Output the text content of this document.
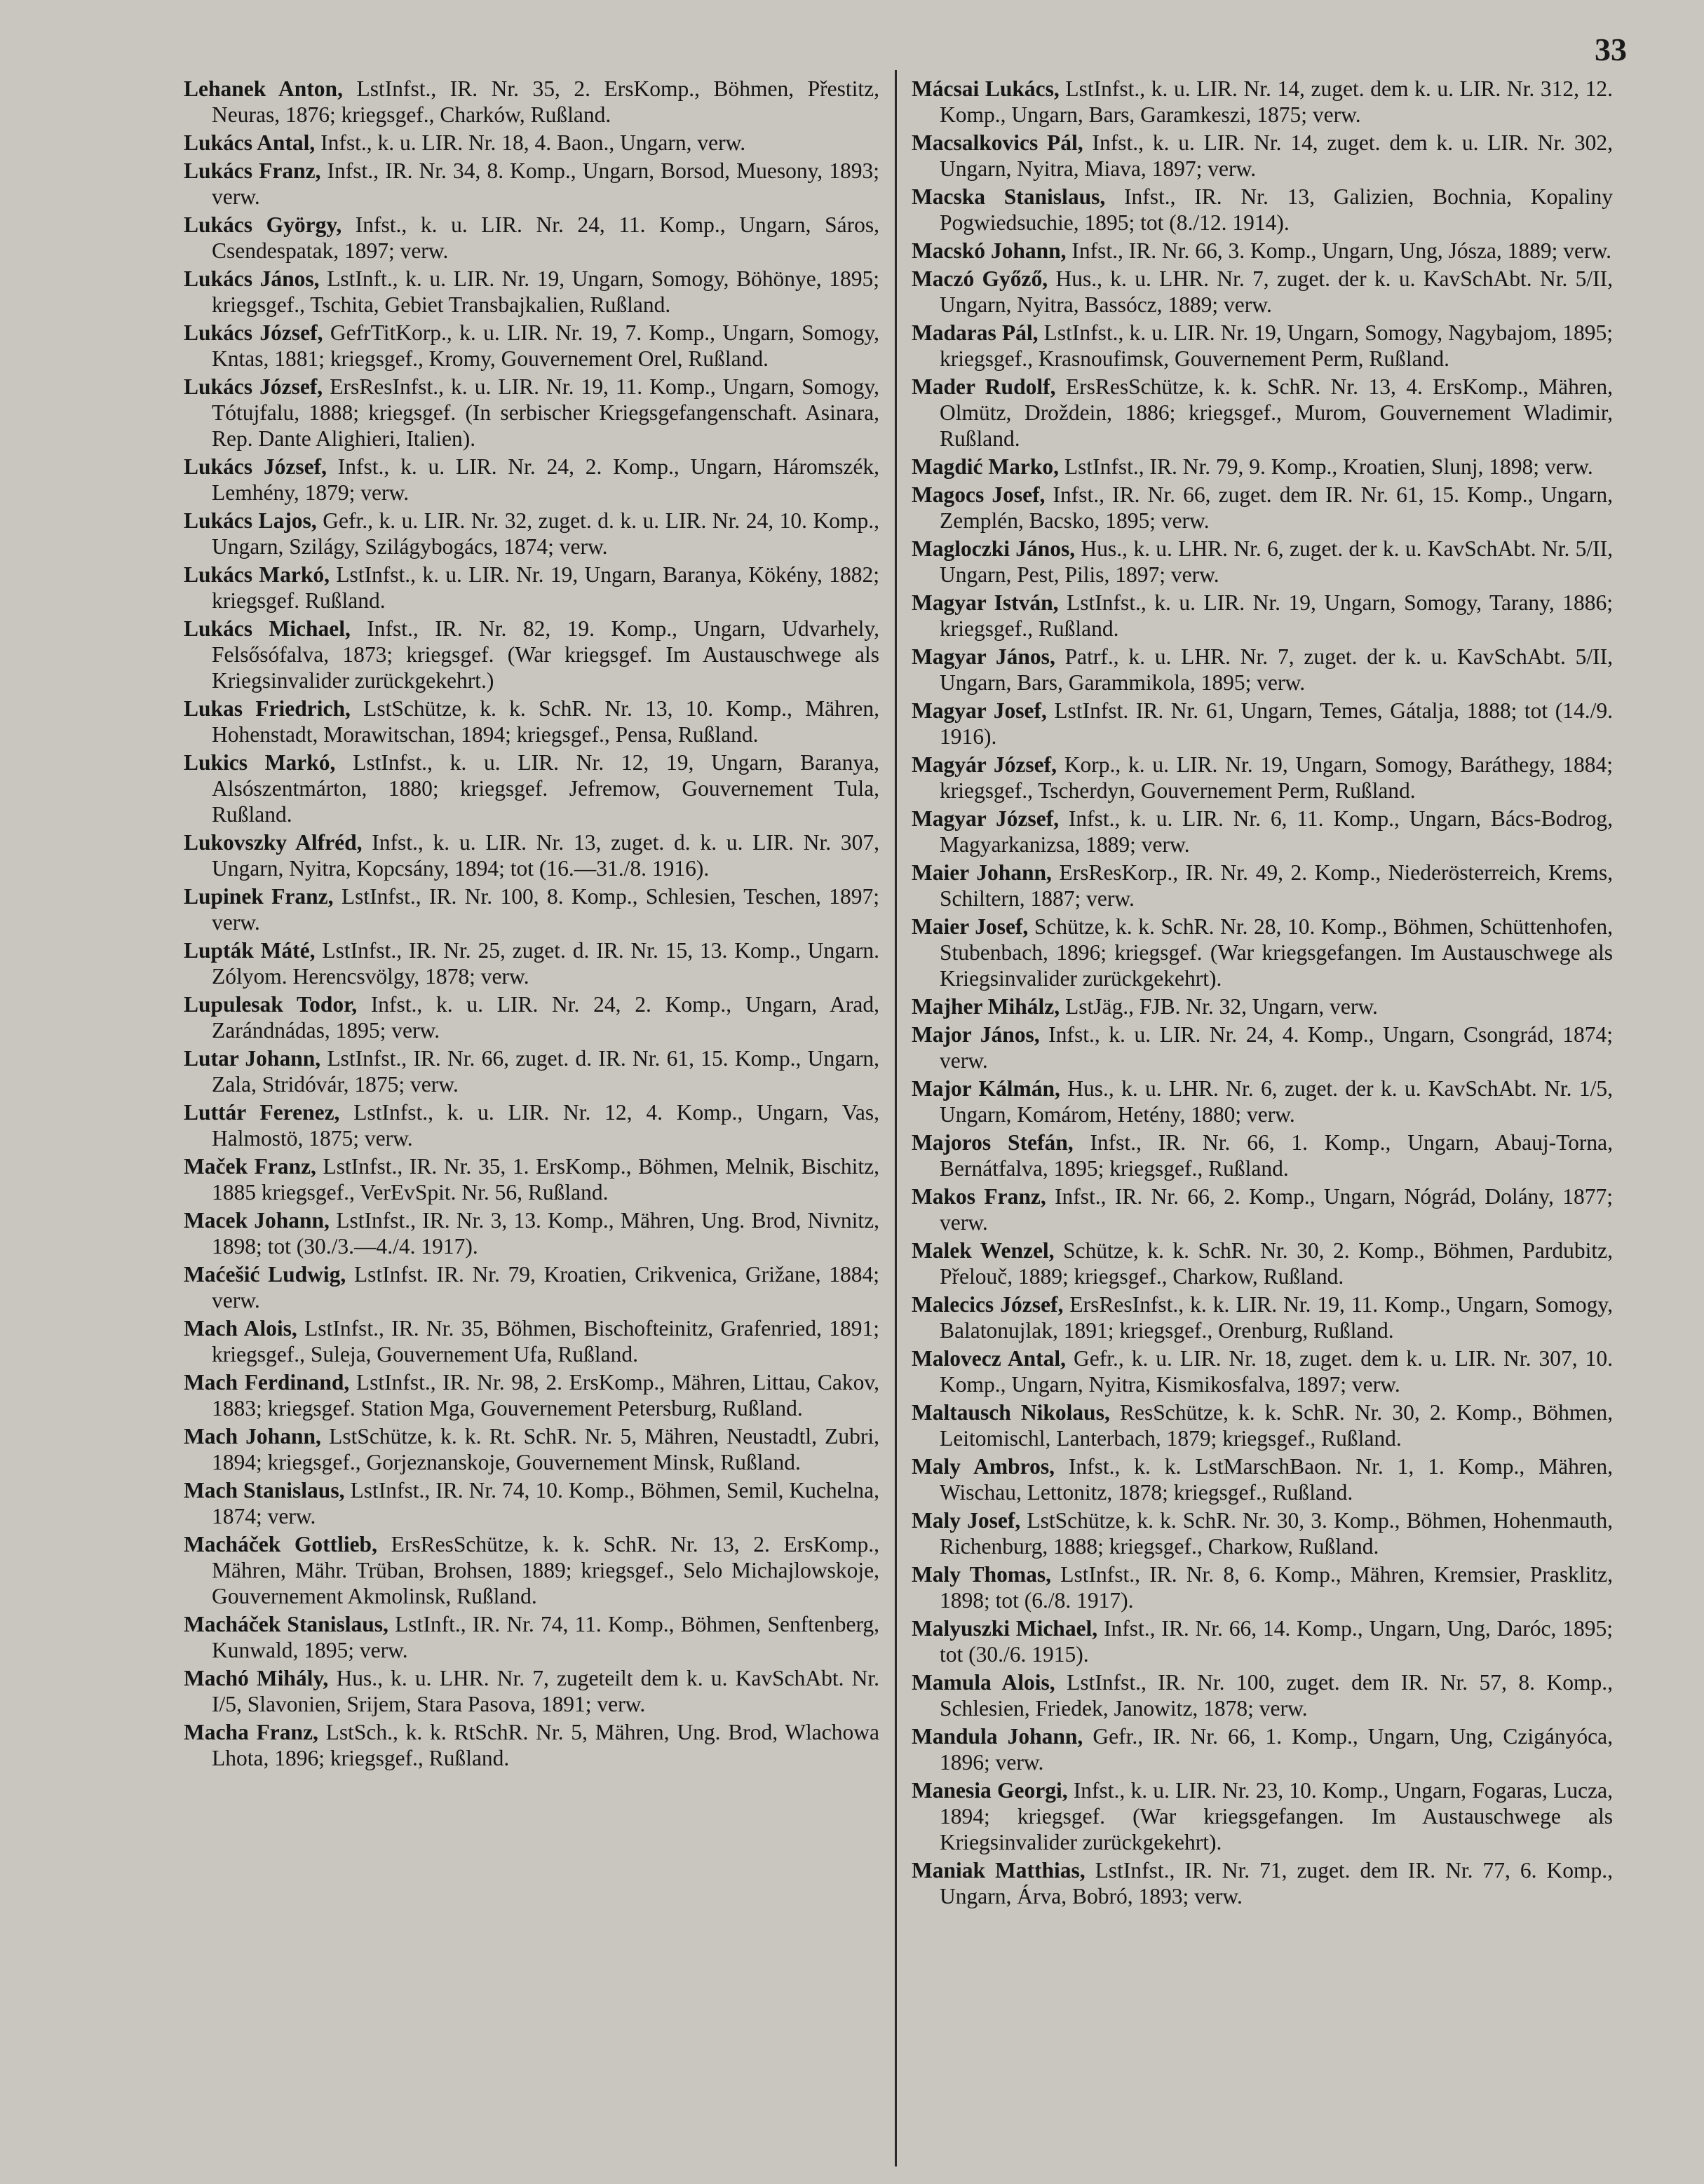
33

Lehanek Anton, LstInfst., IR. Nr. 35, 2. ErsKomp., Böhmen, Přestitz, Neuras, 1876; kriegsgef., Charków, Rußland.

Lukács Antal, Infst., k. u. LIR. Nr. 18, 4. Baon., Ungarn, verw.

Lukács Franz, Infst., IR. Nr. 34, 8. Komp., Ungarn, Borsod, Muesony, 1893; verw.

Lukács György, Infst., k. u. LIR. Nr. 24, 11. Komp., Ungarn, Sáros, Csendespatak, 1897; verw.

Lukács János, LstInft., k. u. LIR. Nr. 19, Ungarn, Somogy, Böhönye, 1895; kriegsgef., Tschita, Gebiet Transbajkalien, Rußland.

Lukács József, GefrTitKorp., k. u. LIR. Nr. 19, 7. Komp., Ungarn, Somogy, Kntas, 1881; kriegsgef., Kromy, Gouvernement Orel, Rußland.

Lukács József, ErsResInfst., k. u. LIR. Nr. 19, 11. Komp., Ungarn, Somogy, Tótujfalu, 1888; kriegsgef. (In serbischer Kriegsgefangenschaft. Asinara, Rep. Dante Alighieri, Italien).

Lukács József, Infst., k. u. LIR. Nr. 24, 2. Komp., Ungarn, Háromszék, Lemhény, 1879; verw.

Lukács Lajos, Gefr., k. u. LIR. Nr. 32, zuget. d. k. u. LIR. Nr. 24, 10. Komp., Ungarn, Szilágy, Szilágybogács, 1874; verw.

Lukács Markó, LstInfst., k. u. LIR. Nr. 19, Ungarn, Baranya, Kökény, 1882; kriegsgef. Rußland.

Lukács Michael, Infst., IR. Nr. 82, 19. Komp., Ungarn, Udvarhely, Felsősófalva, 1873; kriegsgef. (War kriegsgef. Im Austauschwege als Kriegsinvalider zurückgekehrt.)

Lukas Friedrich, LstSchütze, k. k. SchR. Nr. 13, 10. Komp., Mähren, Hohenstadt, Morawitschan, 1894; kriegsgef., Pensa, Rußland.

Lukics Markó, LstInfst., k. u. LIR. Nr. 12, 19, Ungarn, Baranya, Alsószentmárton, 1880; kriegsgef. Jefremow, Gouvernement Tula, Rußland.

Lukovszky Alfréd, Infst., k. u. LIR. Nr. 13, zuget. d. k. u. LIR. Nr. 307, Ungarn, Nyitra, Kopcsány, 1894; tot (16.—31./8. 1916).

Lupinek Franz, LstInfst., IR. Nr. 100, 8. Komp., Schlesien, Teschen, 1897; verw.

Lupták Máté, LstInfst., IR. Nr. 25, zuget. d. IR. Nr. 15, 13. Komp., Ungarn. Zólyom. Herencsvölgy, 1878; verw.

Lupulesak Todor, Infst., k. u. LIR. Nr. 24, 2. Komp., Ungarn, Arad, Zarándnádas, 1895; verw.

Lutar Johann, LstInfst., IR. Nr. 66, zuget. d. IR. Nr. 61, 15. Komp., Ungarn, Zala, Stridóvár, 1875; verw.

Luttár Ferenez, LstInfst., k. u. LIR. Nr. 12, 4. Komp., Ungarn, Vas, Halmostö, 1875; verw.

Maček Franz, LstInfst., IR. Nr. 35, 1. ErsKomp., Böhmen, Melnik, Bischitz, 1885 kriegsgef., VerEvSpit. Nr. 56, Rußland.

Macek Johann, LstInfst., IR. Nr. 3, 13. Komp., Mähren, Ung. Brod, Nivnitz, 1898; tot (30./3.—4./4. 1917).

Maćešić Ludwig, LstInfst. IR. Nr. 79, Kroatien, Crikvenica, Grižane, 1884; verw.

Mach Alois, LstInfst., IR. Nr. 35, Böhmen, Bischofteinitz, Grafenried, 1891; kriegsgef., Suleja, Gouvernement Ufa, Rußland.

Mach Ferdinand, LstInfst., IR. Nr. 98, 2. ErsKomp., Mähren, Littau, Cakov, 1883; kriegsgef. Station Mga, Gouvernement Petersburg, Rußland.

Mach Johann, LstSchütze, k. k. Rt. SchR. Nr. 5, Mähren, Neustadtl, Zubri, 1894; kriegsgef., Gorjeznanskoje, Gouvernement Minsk, Rußland.

Mach Stanislaus, LstInfst., IR. Nr. 74, 10. Komp., Böhmen, Semil, Kuchelna, 1874; verw.

Macháček Gottlieb, ErsResSchütze, k. k. SchR. Nr. 13, 2. ErsKomp., Mähren, Mähr. Trüban, Brohsen, 1889; kriegsgef., Selo Michajlowskoje, Gouvernement Akmolinsk, Rußland.

Macháček Stanislaus, LstInft., IR. Nr. 74, 11. Komp., Böhmen, Senftenberg, Kunwald, 1895; verw.

Machó Mihály, Hus., k. u. LHR. Nr. 7, zugeteilt dem k. u. KavSchAbt. Nr. I/5, Slavonien, Srijem, Stara Pasova, 1891; verw.

Macha Franz, LstSch., k. k. RtSchR. Nr. 5, Mähren, Ung. Brod, Wlachowa Lhota, 1896; kriegsgef., Rußland.

Mácsai Lukács, LstInfst., k. u. LIR. Nr. 14, zuget. dem k. u. LIR. Nr. 312, 12. Komp., Ungarn, Bars, Garamkeszi, 1875; verw.

Macsalkovics Pál, Infst., k. u. LIR. Nr. 14, zuget. dem k. u. LIR. Nr. 302, Ungarn, Nyitra, Miava, 1897; verw.

Macska Stanislaus, Infst., IR. Nr. 13, Galizien, Bochnia, Kopaliny Pogwiedsuchie, 1895; tot (8./12. 1914).

Macskó Johann, Infst., IR. Nr. 66, 3. Komp., Ungarn, Ung, Jósza, 1889; verw.

Maczó Győző, Hus., k. u. LHR. Nr. 7, zuget. der k. u. KavSchAbt. Nr. 5/II, Ungarn, Nyitra, Bassócz, 1889; verw.

Madaras Pál, LstInfst., k. u. LIR. Nr. 19, Ungarn, Somogy, Nagybajom, 1895; kriegsgef., Krasnoufimsk, Gouvernement Perm, Rußland.

Mader Rudolf, ErsResSchütze, k. k. SchR. Nr. 13, 4. ErsKomp., Mähren, Olmütz, Droždein, 1886; kriegsgef., Murom, Gouvernement Wladimir, Rußland.

Magdić Marko, LstInfst., IR. Nr. 79, 9. Komp., Kroatien, Slunj, 1898; verw.

Magocs Josef, Infst., IR. Nr. 66, zuget. dem IR. Nr. 61, 15. Komp., Ungarn, Zemplén, Bacsko, 1895; verw.

Magloczki János, Hus., k. u. LHR. Nr. 6, zuget. der k. u. KavSchAbt. Nr. 5/II, Ungarn, Pest, Pilis, 1897; verw.

Magyar István, LstInfst., k. u. LIR. Nr. 19, Ungarn, Somogy, Tarany, 1886; kriegsgef., Rußland.

Magyar János, Patrf., k. u. LHR. Nr. 7, zuget. der k. u. KavSchAbt. 5/II, Ungarn, Bars, Garammikola, 1895; verw.

Magyar Josef, LstInfst. IR. Nr. 61, Ungarn, Temes, Gátalja, 1888; tot (14./9. 1916).

Magyár József, Korp., k. u. LIR. Nr. 19, Ungarn, Somogy, Baráthegy, 1884; kriegsgef., Tscherdyn, Gouvernement Perm, Rußland.

Magyar József, Infst., k. u. LIR. Nr. 6, 11. Komp., Ungarn, Bács-Bodrog, Magyarkanizsa, 1889; verw.

Maier Johann, ErsResKorp., IR. Nr. 49, 2. Komp., Niederösterreich, Krems, Schiltern, 1887; verw.

Maier Josef, Schütze, k. k. SchR. Nr. 28, 10. Komp., Böhmen, Schüttenhofen, Stubenbach, 1896; kriegsgef. (War kriegsgefangen. Im Austauschwege als Kriegsinvalider zurückgekehrt).

Majher Mihálz, LstJäg., FJB. Nr. 32, Ungarn, verw.

Major János, Infst., k. u. LIR. Nr. 24, 4. Komp., Ungarn, Csongrád, 1874; verw.

Major Kálmán, Hus., k. u. LHR. Nr. 6, zuget. der k. u. KavSchAbt. Nr. 1/5, Ungarn, Komárom, Hetény, 1880; verw.

Majoros Stefán, Infst., IR. Nr. 66, 1. Komp., Ungarn, Abauj-Torna, Bernátfalva, 1895; kriegsgef., Rußland.

Makos Franz, Infst., IR. Nr. 66, 2. Komp., Ungarn, Nógrád, Dolány, 1877; verw.

Malek Wenzel, Schütze, k. k. SchR. Nr. 30, 2. Komp., Böhmen, Pardubitz, Přelouč, 1889; kriegsgef., Charkow, Rußland.

Malecics József, ErsResInfst., k. k. LIR. Nr. 19, 11. Komp., Ungarn, Somogy, Balatonujlak, 1891; kriegsgef., Orenburg, Rußland.

Malovecz Antal, Gefr., k. u. LIR. Nr. 18, zuget. dem k. u. LIR. Nr. 307, 10. Komp., Ungarn, Nyitra, Kismikosfalva, 1897; verw.

Maltausch Nikolaus, ResSchütze, k. k. SchR. Nr. 30, 2. Komp., Böhmen, Leitomischl, Lanterbach, 1879; kriegsgef., Rußland.

Maly Ambros, Infst., k. k. LstMarschBaon. Nr. 1, 1. Komp., Mähren, Wischau, Lettonitz, 1878; kriegsgef., Rußland.

Maly Josef, LstSchütze, k. k. SchR. Nr. 30, 3. Komp., Böhmen, Hohenmauth, Richenburg, 1888; kriegsgef., Charkow, Rußland.

Maly Thomas, LstInfst., IR. Nr. 8, 6. Komp., Mähren, Kremsier, Prasklitz, 1898; tot (6./8. 1917).

Malyuszki Michael, Infst., IR. Nr. 66, 14. Komp., Ungarn, Ung, Daróc, 1895; tot (30./6. 1915).

Mamula Alois, LstInfst., IR. Nr. 100, zuget. dem IR. Nr. 57, 8. Komp., Schlesien, Friedek, Janowitz, 1878; verw.

Mandula Johann, Gefr., IR. Nr. 66, 1. Komp., Ungarn, Ung, Czigányóca, 1896; verw.

Manesia Georgi, Infst., k. u. LIR. Nr. 23, 10. Komp., Ungarn, Fogaras, Lucza, 1894; kriegsgef. (War kriegsgefangen. Im Austauschwege als Kriegsinvalider zurückgekehrt).

Maniak Matthias, LstInfst., IR. Nr. 71, zuget. dem IR. Nr. 77, 6. Komp., Ungarn, Árva, Bobró, 1893; verw.
